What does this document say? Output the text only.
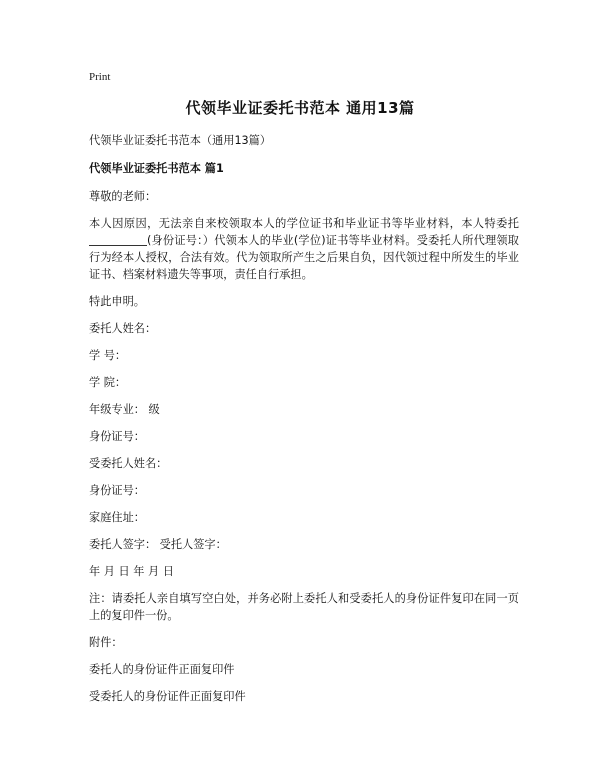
Print
代领毕业证委托书范本 通用13篇

代领毕业证委托书范本（通用13篇）

代领毕业证委托书范本 篇1

尊敬的老师：

本人因原因，无法亲自来校领取本人的学位证书和毕业证书等毕业材料，本人特委托(身份证号：）代领本人的毕业(学位)证书等毕业材料。受委托人所代理领取行为经本人授权，合法有效。代为领取所产生之后果自负，因代领过程中所发生的毕业证书、档案材料遗失等事项，责任自行承担。

特此申明。

委托人姓名：

学 号：

学 院：

年级专业： 级

身份证号：

受委托人姓名：

身份证号：

家庭住址：

委托人签字： 受托人签字：

年 月 日 年 月 日

注：请委托人亲自填写空白处，并务必附上委托人和受委托人的身份证件复印在同一页上的复印件一份。

附件：

委托人的身份证件正面复印件

受委托人的身份证件正面复印件
